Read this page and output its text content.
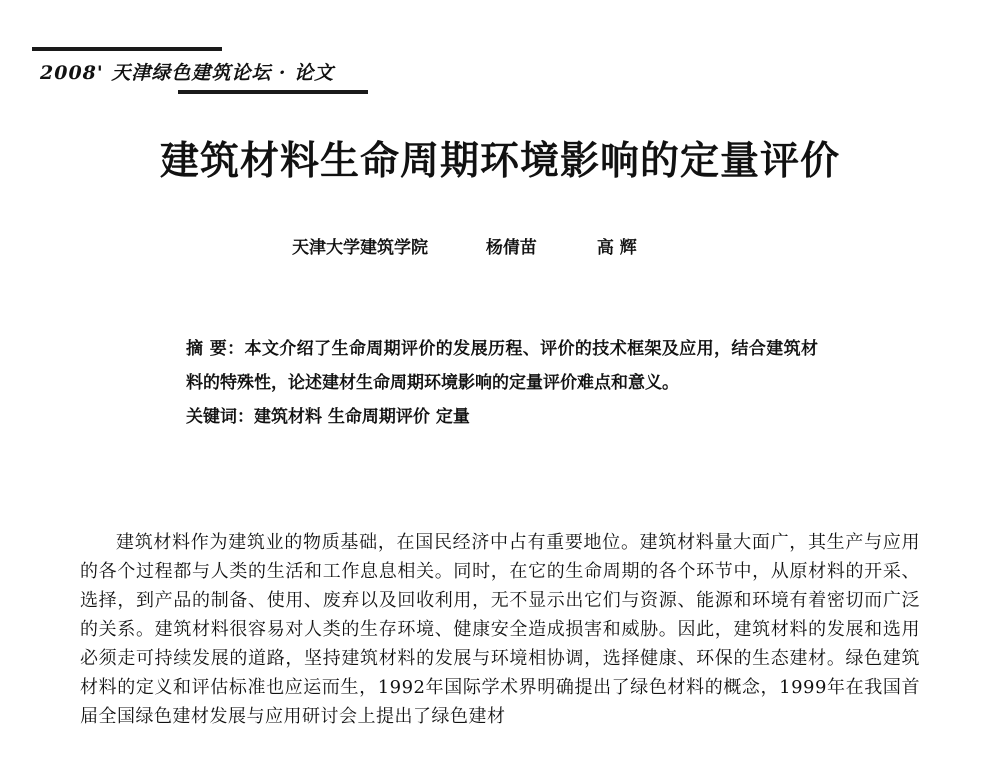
2008' 天津绿色建筑论坛 · 论文
建筑材料生命周期环境影响的定量评价
天津大学建筑学院	杨倩苗	高 辉
摘 要：本文介绍了生命周期评价的发展历程、评价的技术框架及应用，结合建筑材料的特殊性，论述建材生命周期环境影响的定量评价难点和意义。
关键词：建筑材料 生命周期评价 定量

建筑材料作为建筑业的物质基础，在国民经济中占有重要地位。建筑材料量大面广，其生产与应用的各个过程都与人类的生活和工作息息相关。同时，在它的生命周期的各个环节中，从原材料的开采、选择，到产品的制备、使用、废弃以及回收利用，无不显示出它们与资源、能源和环境有着密切而广泛的关系。建筑材料很容易对人类的生存环境、健康安全造成损害和威胁。因此，建筑材料的发展和选用必须走可持续发展的道路，坚持建筑材料的发展与环境相协调，选择健康、环保的生态建材。绿色建筑材料的定义和评估标准也应运而生，1992年国际学术界明确提出了绿色材料的概念，1999年在我国首届全国绿色建材发展与应用研讨会上提出了绿色建材
